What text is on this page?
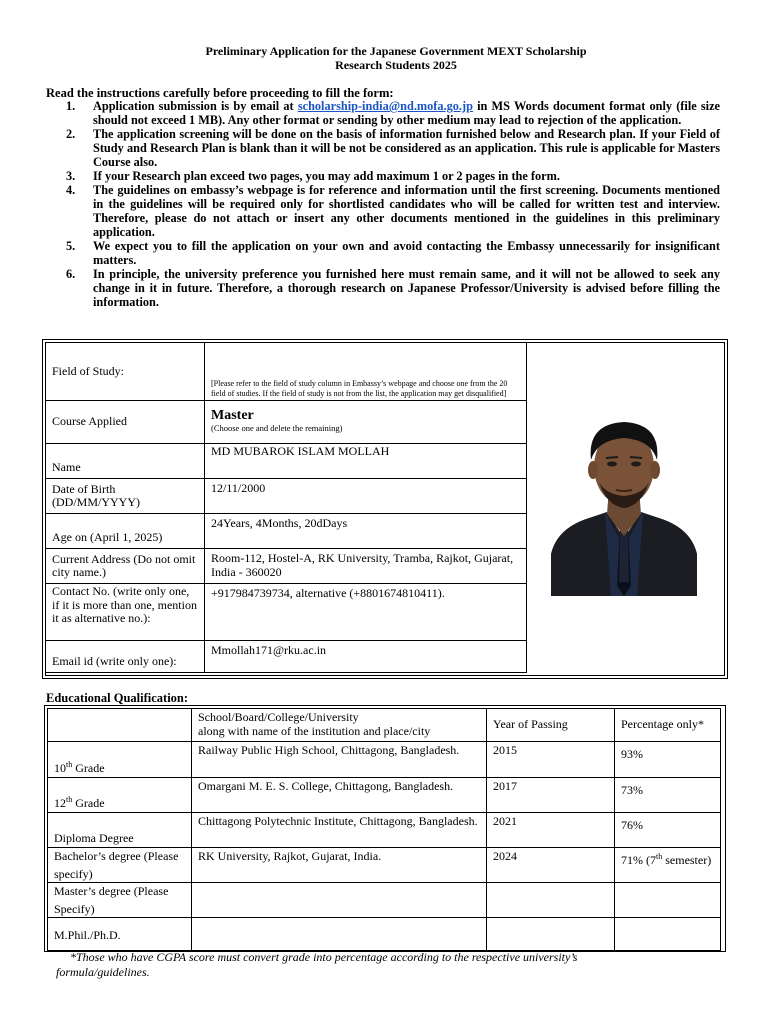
Preliminary Application for the Japanese Government MEXT Scholarship
Research Students 2025
Read the instructions carefully before proceeding to fill the form:
1. Application submission is by email at scholarship-india@nd.mofa.go.jp in MS Words document format only (file size should not exceed 1 MB). Any other format or sending by other medium may lead to rejection of the application.
2. The application screening will be done on the basis of information furnished below and Research plan. If your Field of Study and Research Plan is blank than it will be not be considered as an application. This rule is applicable for Masters Course also.
3. If your Research plan exceed two pages, you may add maximum 1 or 2 pages in the form.
4. The guidelines on embassy’s webpage is for reference and information until the first screening. Documents mentioned in the guidelines will be required only for shortlisted candidates who will be called for written test and interview. Therefore, please do not attach or insert any other documents mentioned in the guidelines in this preliminary application.
5. We expect you to fill the application on your own and avoid contacting the Embassy unnecessarily for insignificant matters.
6. In principle, the university preference you furnished here must remain same, and it will not be allowed to seek any change in it in future. Therefore, a thorough research on Japanese Professor/University is advised before filling the information.
Field of Study:	[Please refer to the field of study column in Embassy’s webpage and choose one from the 20 field of studies. If the field of study is not from the list, the application may get disqualified]

Course Applied	Master
(Choose one and delete the remaining)

Name	MD MUBAROK ISLAM MOLLAH
Date of Birth (DD/MM/YYYY)	12/11/2000
Age on (April 1, 2025)	24Years, 4Months, 20dDays
Current Address (Do not omit city name.)	Room-112, Hostel-A, RK University, Tramba, Rajkot, Gujarat, India - 360020
Contact No. (write only one, if it is more than one, mention it as alternative no.):	+917984739734, alternative (+8801674810411).
Email id (write only one):	Mmollah171@rku.ac.in
Educational Qualification:

	School/Board/College/University
along with name of the institution and place/city	Year of Passing	Percentage only*
10th Grade	Railway Public High School, Chittagong, Bangladesh.	2015	93%
12th Grade	Omargani M. E. S. College, Chittagong, Bangladesh.	2017	73%
Diploma Degree	Chittagong Polytechnic Institute, Chittagong, Bangladesh.	2021	76%
Bachelor’s degree (Please specify)	RK University, Rajkot, Gujarat, India.	2024	71% (7th semester)
Master’s degree (Please Specify)			
M.Phil./Ph.D.			
*Those who have CGPA score must convert grade into percentage according to the respective university’s
formula/guidelines.
